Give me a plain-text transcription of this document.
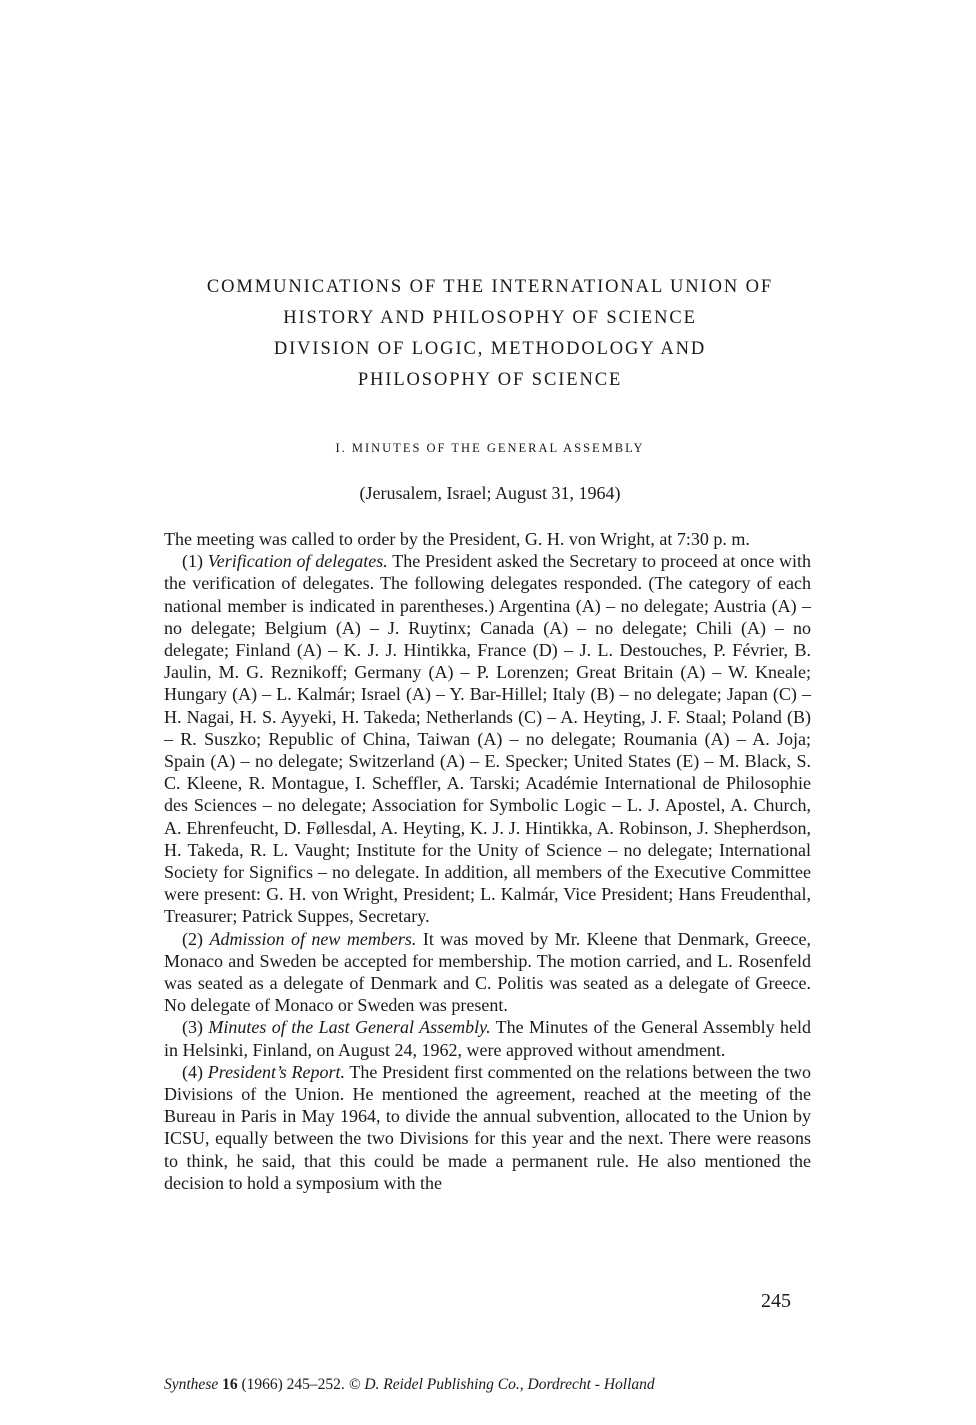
COMMUNICATIONS OF THE INTERNATIONAL UNION OF
HISTORY AND PHILOSOPHY OF SCIENCE
DIVISION OF LOGIC, METHODOLOGY AND
PHILOSOPHY OF SCIENCE
I. MINUTES OF THE GENERAL ASSEMBLY
(Jerusalem, Israel; August 31, 1964)

The meeting was called to order by the President, G. H. von Wright, at 7:30 p. m.

(1) Verification of delegates. The President asked the Secretary to proceed at once with the verification of delegates. The following delegates responded. (The category of each national member is indicated in parentheses.) Argentina (A) – no delegate; Austria (A) – no delegate; Belgium (A) – J. Ruytinx; Canada (A) – no delegate; Chili (A) – no delegate; Finland (A) – K. J. J. Hintikka, France (D) – J. L. Destouches, P. Février, B. Jaulin, M. G. Reznikoff; Germany (A) – P. Lorenzen; Great Britain (A) – W. Kneale; Hungary (A) – L. Kalmár; Israel (A) – Y. Bar-Hillel; Italy (B) – no delegate; Japan (C) – H. Nagai, H. S. Ayyeki, H. Takeda; Netherlands (C) – A. Heyting, J. F. Staal; Poland (B) – R. Suszko; Republic of China, Taiwan (A) – no delegate; Roumania (A) – A. Joja; Spain (A) – no delegate; Switzerland (A) – E. Specker; United States (E) – M. Black, S. C. Kleene, R. Montague, I. Scheffler, A. Tarski; Académie International de Philosophie des Sciences – no delegate; Association for Symbolic Logic – L. J. Apostel, A. Church, A. Ehrenfeucht, D. Føllesdal, A. Heyting, K. J. J. Hintikka, A. Robinson, J. Shepherdson, H. Takeda, R. L. Vaught; Institute for the Unity of Science – no delegate; International Society for Significs – no delegate. In addition, all members of the Executive Committee were present: G. H. von Wright, President; L. Kalmár, Vice President; Hans Freudenthal, Treasurer; Patrick Suppes, Secretary.

(2) Admission of new members. It was moved by Mr. Kleene that Denmark, Greece, Monaco and Sweden be accepted for membership. The motion carried, and L. Rosenfeld was seated as a delegate of Denmark and C. Politis was seated as a delegate of Greece. No delegate of Monaco or Sweden was present.

(3) Minutes of the Last General Assembly. The Minutes of the General Assembly held in Helsinki, Finland, on August 24, 1962, were approved without amendment.

(4) President’s Report. The President first commented on the relations between the two Divisions of the Union. He mentioned the agreement, reached at the meeting of the Bureau in Paris in May 1964, to divide the annual subvention, allocated to the Union by ICSU, equally between the two Divisions for this year and the next. There were reasons to think, he said, that this could be made a permanent rule. He also mentioned the decision to hold a symposium with the

245
Synthese 16 (1966) 245–252. © D. Reidel Publishing Co., Dordrecht - Holland
